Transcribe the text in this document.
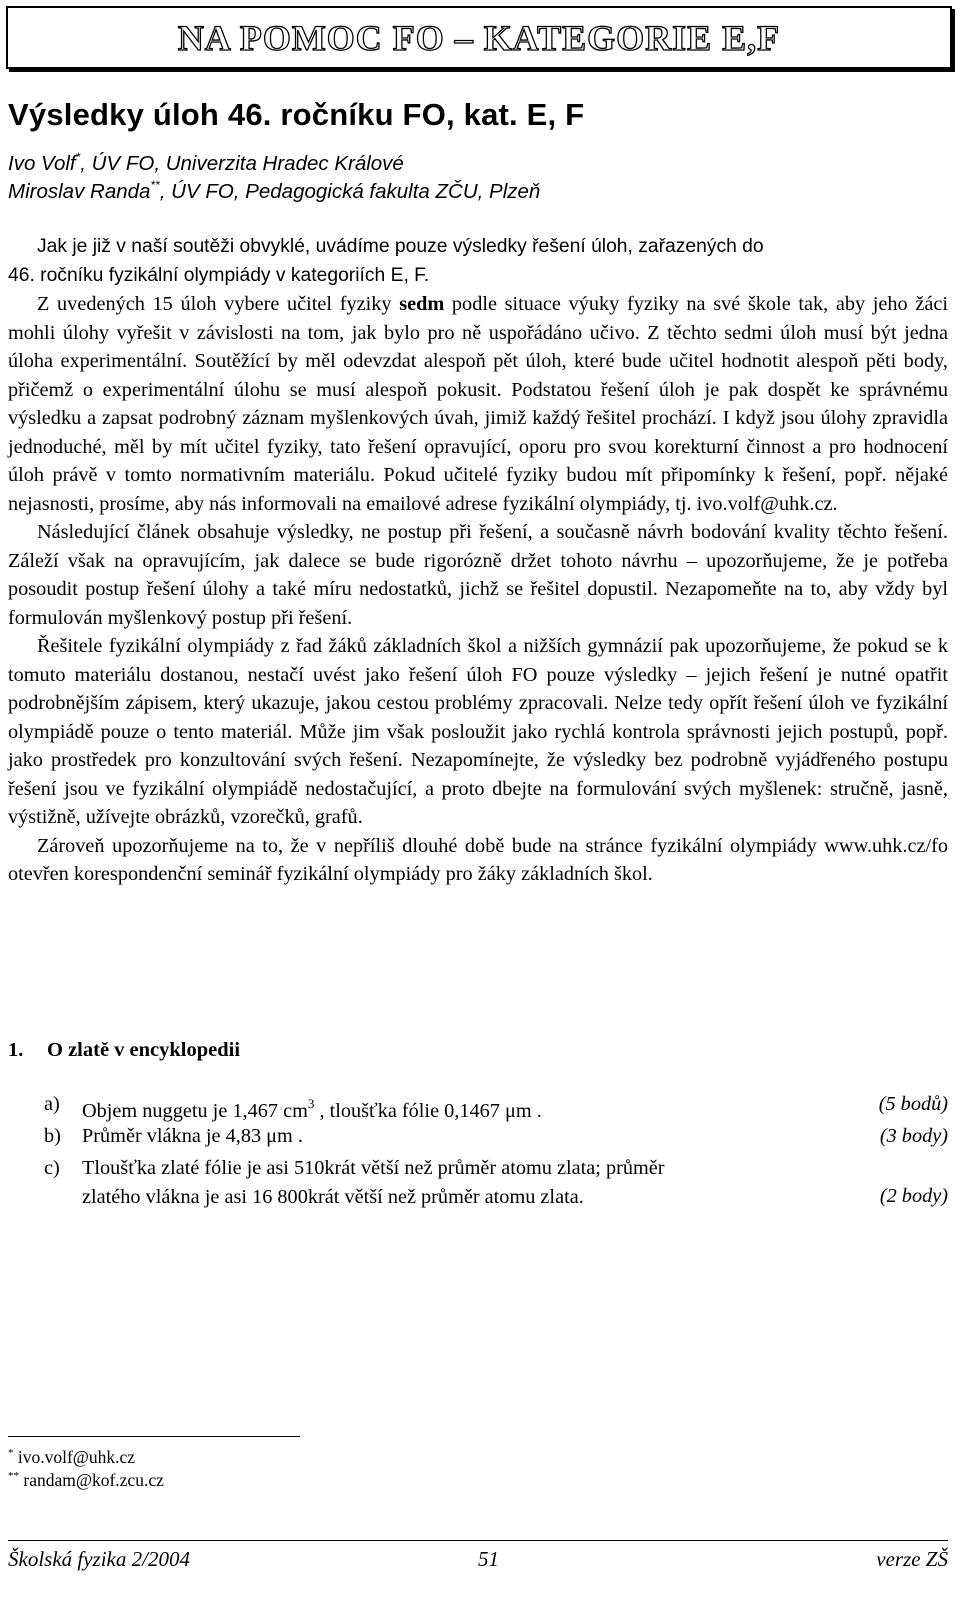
NA POMOC FO – KATEGORIE E,F
Výsledky úloh 46. ročníku FO, kat. E, F
Ivo Volf*, ÚV FO, Univerzita Hradec Králové
Miroslav Randa**, ÚV FO, Pedagogická fakulta ZČU, Plzeň

Jak je již v naší soutěži obvyklé, uvádíme pouze výsledky řešení úloh, zařazených do

46. ročníku fyzikální olympiády v kategoriích E, F.

Z uvedených 15 úloh vybere učitel fyziky sedm podle situace výuky fyziky na své škole tak, aby jeho žáci mohli úlohy vyřešit v závislosti na tom, jak bylo pro ně uspořádáno učivo. Z těchto sedmi úloh musí být jedna úloha experimentální. Soutěžící by měl odevzdat alespoň pět úloh, které bude učitel hodnotit alespoň pěti body, přičemž o experimentální úlohu se musí alespoň pokusit. Podstatou řešení úloh je pak dospět ke správnému výsledku a zapsat podrobný záznam myšlenkových úvah, jimiž každý řešitel prochází. I když jsou úlohy zpravidla jednoduché, měl by mít učitel fyziky, tato řešení opravující, oporu pro svou korekturní činnost a pro hodnocení úloh právě v tomto normativním materiálu. Pokud učitelé fyziky budou mít připomínky k řešení, popř. nějaké nejasnosti, prosíme, aby nás informovali na emailové adrese fyzikální olympiády, tj. ivo.volf@uhk.cz.

Následující článek obsahuje výsledky, ne postup při řešení, a současně návrh bodování kvality těchto řešení. Záleží však na opravujícím, jak dalece se bude rigorózně držet tohoto návrhu – upozorňujeme, že je potřeba posoudit postup řešení úlohy a také míru nedostatků, jichž se řešitel dopustil. Nezapomeňte na to, aby vždy byl formulován myšlenkový postup při řešení.

Řešitele fyzikální olympiády z řad žáků základních škol a nižších gymnázií pak upozorňujeme, že pokud se k tomuto materiálu dostanou, nestačí uvést jako řešení úloh FO pouze výsledky – jejich řešení je nutné opatřit podrobnějším zápisem, který ukazuje, jakou cestou problémy zpracovali. Nelze tedy opřít řešení úloh ve fyzikální olympiádě pouze o tento materiál. Může jim však posloužit jako rychlá kontrola správnosti jejich postupů, popř. jako prostředek pro konzultování svých řešení. Nezapomínejte, že výsledky bez podrobně vyjádřeného postupu řešení jsou ve fyzikální olympiádě nedostačující, a proto dbejte na formulování svých myšlenek: stručně, jasně, výstižně, užívejte obrázků, vzorečků, grafů.

Zároveň upozorňujeme na to, že v nepříliš dlouhé době bude na stránce fyzikální olympiády www.uhk.cz/fo otevřen korespondenční seminář fyzikální olympiády pro žáky základních škol.

1. O zlatě v encyklopedii
a) Objem nuggetu je 1,467 $cm^3$ , tloušťka fólie 0,1467 μm .	(5 bodů)
b) Průměr vlákna je 4,83 μm .	(3 body)
c) Tloušťka zlaté fólie je asi 510krát větší než průměr atomu zlata; průměr
zlatého vlákna je asi 16 800krát větší než průměr atomu zlata.	(2 body)
* ivo.volf@uhk.cz
** randam@kof.zcu.cz
Školská fyzika 2/2004	51	verze ZŠ
